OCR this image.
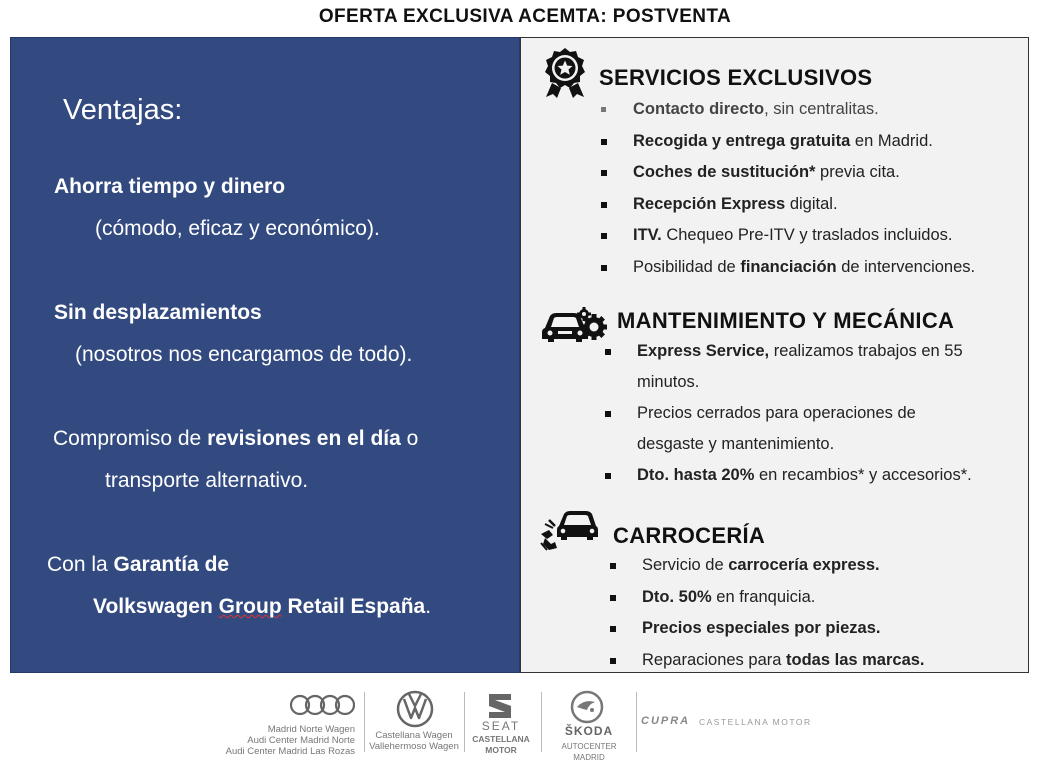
OFERTA EXCLUSIVA ACEMTA: POSTVENTA
Ventajas:
Ahorra tiempo y dinero
(cómodo, eficaz y económico).
Sin desplazamientos
(nosotros nos encargamos de todo).
Compromiso de revisiones en el día o
transporte alternativo.
Con la Garantía de
Volkswagen Group Retail España.
SERVICIOS EXCLUSIVOS
Contacto directo, sin centralitas.
Recogida y entrega gratuita en Madrid.
Coches de sustitución* previa cita.
Recepción Express digital.
ITV. Chequeo Pre-ITV y traslados incluidos.
Posibilidad de financiación de intervenciones.
MANTENIMIENTO Y MECÁNICA
Express Service, realizamos trabajos en 55
minutos.
Precios cerrados para operaciones de
desgaste y mantenimiento.
Dto. hasta 20% en recambios* y accesorios*.
CARROCERÍA
Servicio de carrocería express.
Dto. 50% en franquicia.
Precios especiales por piezas.
Reparaciones para todas las marcas.
Madrid Norte Wagen
Audi Center Madrid Norte
Audi Center Madrid Las Rozas
Castellana Wagen
Vallehermoso Wagen
SEAT
CASTELLANA
MOTOR
ŠKODA
AUTOCENTER MADRID
CUPRA CASTELLANA MOTOR
